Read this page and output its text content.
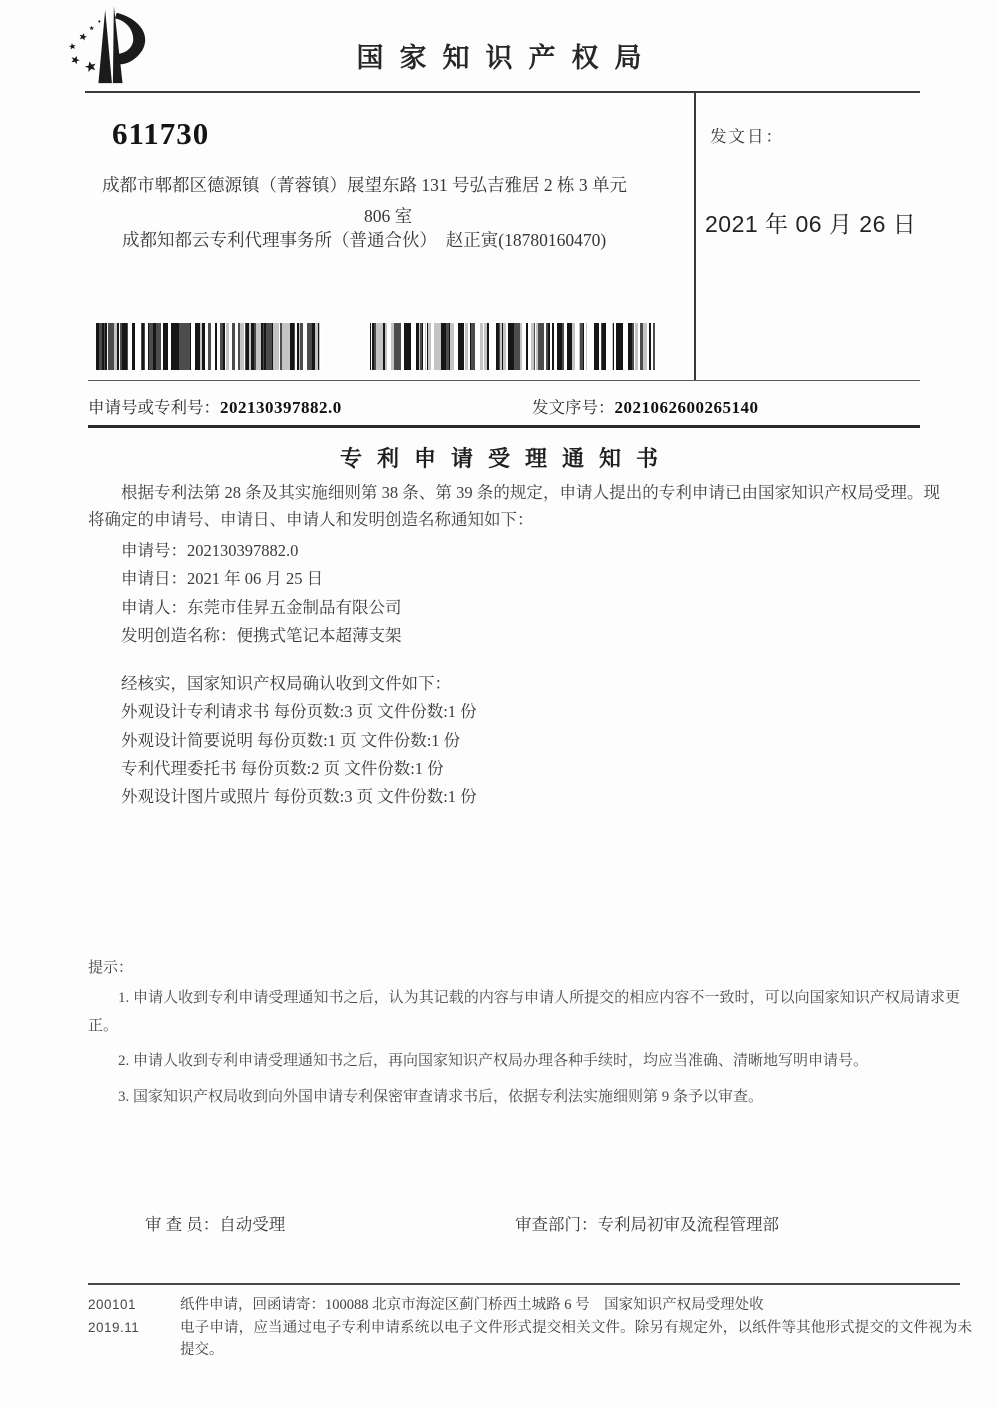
国家知识产权局
611730
成都市郫都区德源镇（菁蓉镇）展望东路 131 号弘吉雅居 2 栋 3 单元
806 室
成都知都云专利代理事务所（普通合伙）　赵正寅(18780160470)
发文日：
2021 年 06 月 26 日
申请号或专利号：202130397882.0	发文序号：2021062600265140
专利申请受理通知书

根据专利法第 28 条及其实施细则第 38 条、第 39 条的规定，申请人提出的专利申请已由国家知识产权局受理。现将确定的申请号、申请日、申请人和发明创造名称通知如下：

申请号：202130397882.0
申请日：2021 年 06 月 25 日
申请人：东莞市佳昇五金制品有限公司
发明创造名称：便携式笔记本超薄支架
经核实，国家知识产权局确认收到文件如下：
外观设计专利请求书 每份页数:3 页 文件份数:1 份
外观设计简要说明 每份页数:1 页 文件份数:1 份
专利代理委托书 每份页数:2 页 文件份数:1 份
外观设计图片或照片 每份页数:3 页 文件份数:1 份
提示：

1. 申请人收到专利申请受理通知书之后，认为其记载的内容与申请人所提交的相应内容不一致时，可以向国家知识产权局请求更正。

2. 申请人收到专利申请受理通知书之后，再向国家知识产权局办理各种手续时，均应当准确、清晰地写明申请号。

3. 国家知识产权局收到向外国申请专利保密审查请求书后，依据专利法实施细则第 9 条予以审查。

审 查 员：自动受理	审查部门：专利局初审及流程管理部
200101	纸件申请，回函请寄：100088 北京市海淀区蓟门桥西土城路 6 号　国家知识产权局受理处收
2019.11	电子申请，应当通过电子专利申请系统以电子文件形式提交相关文件。除另有规定外，以纸件等其他形式提交的文件视为未提交。
